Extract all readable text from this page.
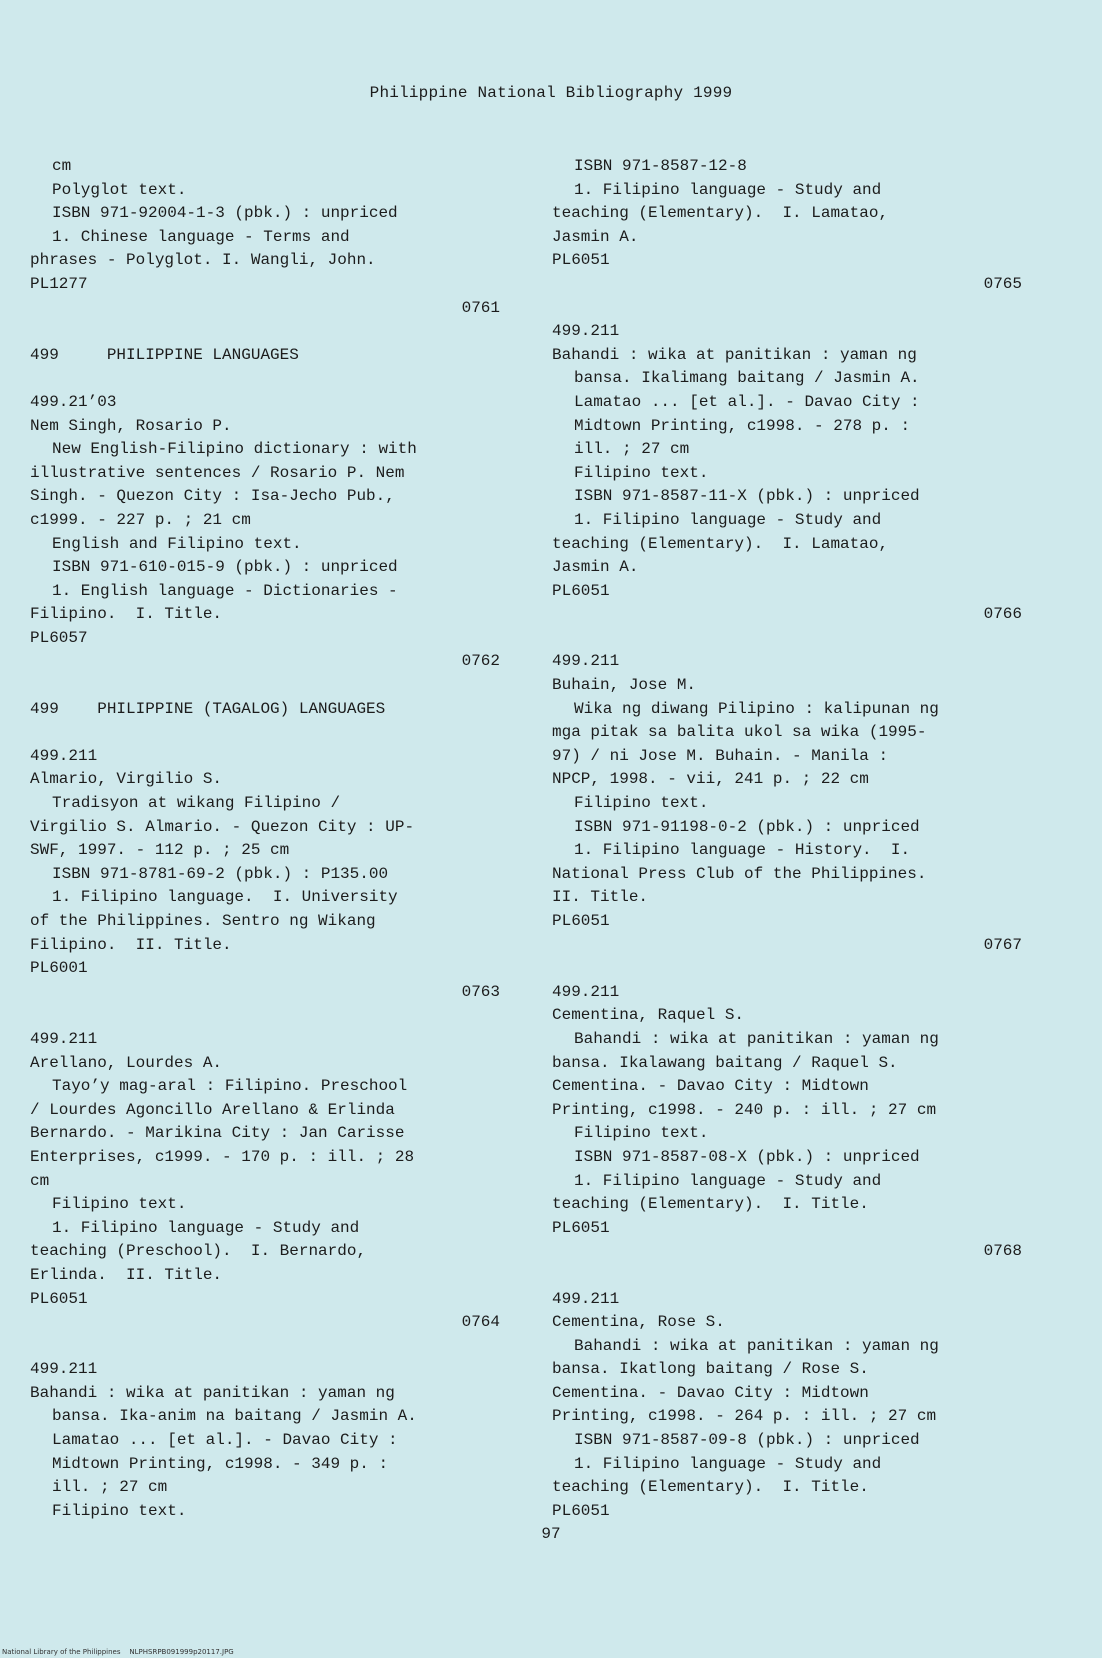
Philippine National Bibliography 1999
cm
Polyglot text.
ISBN 971-92004-1-3 (pbk.) : unpriced
1. Chinese language - Terms and
phrases - Polyglot. I. Wangli, John.
PL1277
0761
499     PHILIPPINE LANGUAGES
499.21’03
Nem Singh, Rosario P.
New English-Filipino dictionary : with
illustrative sentences / Rosario P. Nem
Singh. - Quezon City : Isa-Jecho Pub.,
c1999. - 227 p. ; 21 cm
English and Filipino text.
ISBN 971-610-015-9 (pbk.) : unpriced
1. English language - Dictionaries -
Filipino.  I. Title.
PL6057
0762
499    PHILIPPINE (TAGALOG) LANGUAGES
499.211
Almario, Virgilio S.
Tradisyon at wikang Filipino /
Virgilio S. Almario. - Quezon City : UP-
SWF, 1997. - 112 p. ; 25 cm
ISBN 971-8781-69-2 (pbk.) : P135.00
1. Filipino language.  I. University
of the Philippines. Sentro ng Wikang
Filipino.  II. Title.
PL6001
0763
499.211
Arellano, Lourdes A.
Tayo’y mag-aral : Filipino. Preschool
/ Lourdes Agoncillo Arellano & Erlinda
Bernardo. - Marikina City : Jan Carisse
Enterprises, c1999. - 170 p. : ill. ; 28
cm
Filipino text.
1. Filipino language - Study and
teaching (Preschool).  I. Bernardo,
Erlinda.  II. Title.
PL6051
0764
499.211
Bahandi : wika at panitikan : yaman ng
bansa. Ika-anim na baitang / Jasmin A.
Lamatao ... [et al.]. - Davao City :
Midtown Printing, c1998. - 349 p. :
ill. ; 27 cm
Filipino text.
ISBN 971-8587-12-8
1. Filipino language - Study and
teaching (Elementary).  I. Lamatao,
Jasmin A.
PL6051
0765
499.211
Bahandi : wika at panitikan : yaman ng
bansa. Ikalimang baitang / Jasmin A.
Lamatao ... [et al.]. - Davao City :
Midtown Printing, c1998. - 278 p. :
ill. ; 27 cm
Filipino text.
ISBN 971-8587-11-X (pbk.) : unpriced
1. Filipino language - Study and
teaching (Elementary).  I. Lamatao,
Jasmin A.
PL6051
0766
499.211
Buhain, Jose M.
Wika ng diwang Pilipino : kalipunan ng
mga pitak sa balita ukol sa wika (1995-
97) / ni Jose M. Buhain. - Manila :
NPCP, 1998. - vii, 241 p. ; 22 cm
Filipino text.
ISBN 971-91198-0-2 (pbk.) : unpriced
1. Filipino language - History.  I.
National Press Club of the Philippines.
II. Title.
PL6051
0767
499.211
Cementina, Raquel S.
Bahandi : wika at panitikan : yaman ng
bansa. Ikalawang baitang / Raquel S.
Cementina. - Davao City : Midtown
Printing, c1998. - 240 p. : ill. ; 27 cm
Filipino text.
ISBN 971-8587-08-X (pbk.) : unpriced
1. Filipino language - Study and
teaching (Elementary).  I. Title.
PL6051
0768
499.211
Cementina, Rose S.
Bahandi : wika at panitikan : yaman ng
bansa. Ikatlong baitang / Rose S.
Cementina. - Davao City : Midtown
Printing, c1998. - 264 p. : ill. ; 27 cm
ISBN 971-8587-09-8 (pbk.) : unpriced
1. Filipino language - Study and
teaching (Elementary).  I. Title.
PL6051
97
National Library of the Philippines    NLPHSRPB091999p20117.JPG
